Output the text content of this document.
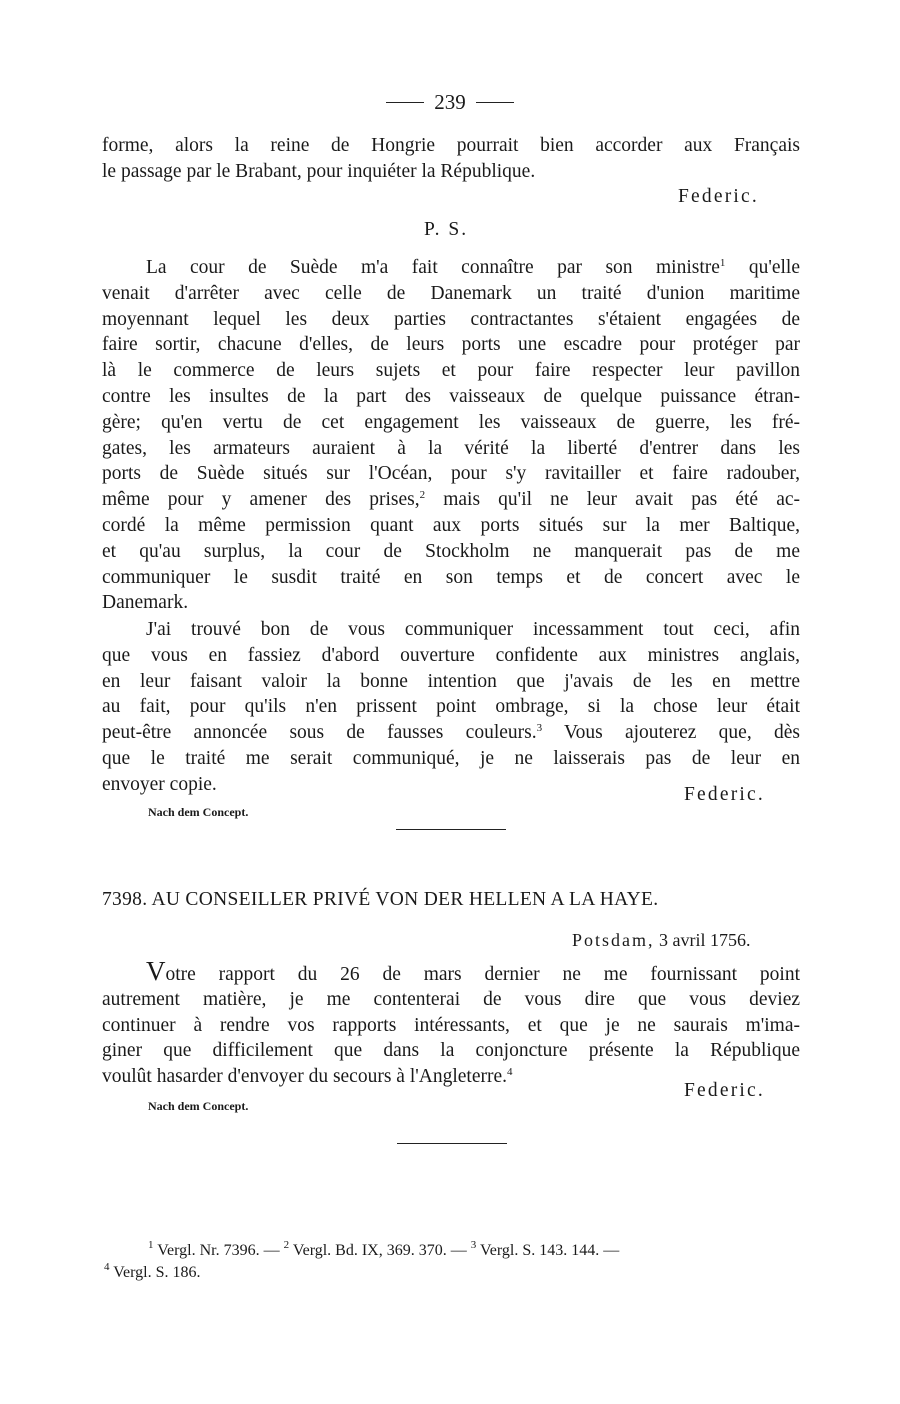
239
forme, alors la reine de Hongrie pourrait bien accorder aux Français
le passage par le Brabant, pour inquiéter la République.
Federic.
P. S.
La cour de Suède m'a fait connaître par son ministre$^1$ qu'elle
venait d'arrêter avec celle de Danemark un traité d'union maritime
moyennant lequel les deux parties contractantes s'étaient engagées de
faire sortir, chacune d'elles, de leurs ports une escadre pour protéger par
là le commerce de leurs sujets et pour faire respecter leur pavillon
contre les insultes de la part des vaisseaux de quelque puissance étran-
gère; qu'en vertu de cet engagement les vaisseaux de guerre, les fré-
gates, les armateurs auraient à la vérité la liberté d'entrer dans les
ports de Suède situés sur l'Océan, pour s'y ravitailler et faire radouber,
même pour y amener des prises,$^2$ mais qu'il ne leur avait pas été ac-
cordé la même permission quant aux ports situés sur la mer Baltique,
et qu'au surplus, la cour de Stockholm ne manquerait pas de me
communiquer le susdit traité en son temps et de concert avec le
Danemark.
J'ai trouvé bon de vous communiquer incessamment tout ceci, afin
que vous en fassiez d'abord ouverture confidente aux ministres anglais,
en leur faisant valoir la bonne intention que j'avais de les en mettre
au fait, pour qu'ils n'en prissent point ombrage, si la chose leur était
peut-être annoncée sous de fausses couleurs.$^3$ Vous ajouterez que, dès
que le traité me serait communiqué, je ne laisserais pas de leur en
envoyer copie.	Federic.
Nach dem Concept.
7398. AU CONSEILLER PRIVÉ VON DER HELLEN A LA HAYE.
Potsdam, 3 avril 1756.
Votre rapport du 26 de mars dernier ne me fournissant point
autrement matière, je me contenterai de vous dire que vous deviez
continuer à rendre vos rapports intéressants, et que je ne saurais m'ima-
giner que difficilement que dans la conjoncture présente la République
voulût hasarder d'envoyer du secours à l'Angleterre.$^4$
Federic.
Nach dem Concept.
$^1$ Vergl. Nr. 7396. — $^2$ Vergl. Bd. IX, 369. 370. — $^3$ Vergl. S. 143. 144. —
$^4$ Vergl. S. 186.
